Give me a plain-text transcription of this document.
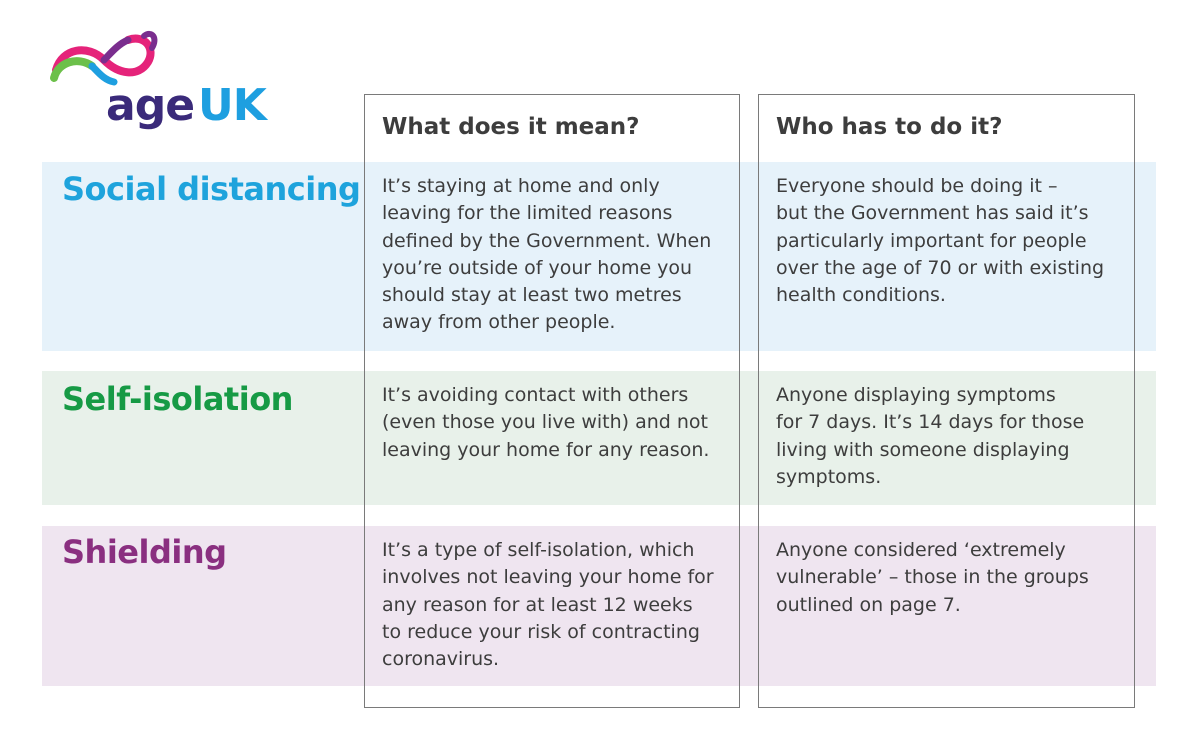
ageUK	What does it mean?	Who has to do it?
Social distancing
Self-isolation
Shielding
It’s staying at home and only
leaving for the limited reasons
defined by the Government. When
you’re outside of your home you
should stay at least two metres
away from other people.
Everyone should be doing it –
but the Government has said it’s
particularly important for people
over the age of 70 or with existing
health conditions.
It’s avoiding contact with others
(even those you live with) and not
leaving your home for any reason.
Anyone displaying symptoms
for 7 days. It’s 14 days for those
living with someone displaying
symptoms.
It’s a type of self-isolation, which
involves not leaving your home for
any reason for at least 12 weeks
to reduce your risk of contracting
coronavirus.
Anyone considered ‘extremely
vulnerable’ – those in the groups
outlined on page 7.
